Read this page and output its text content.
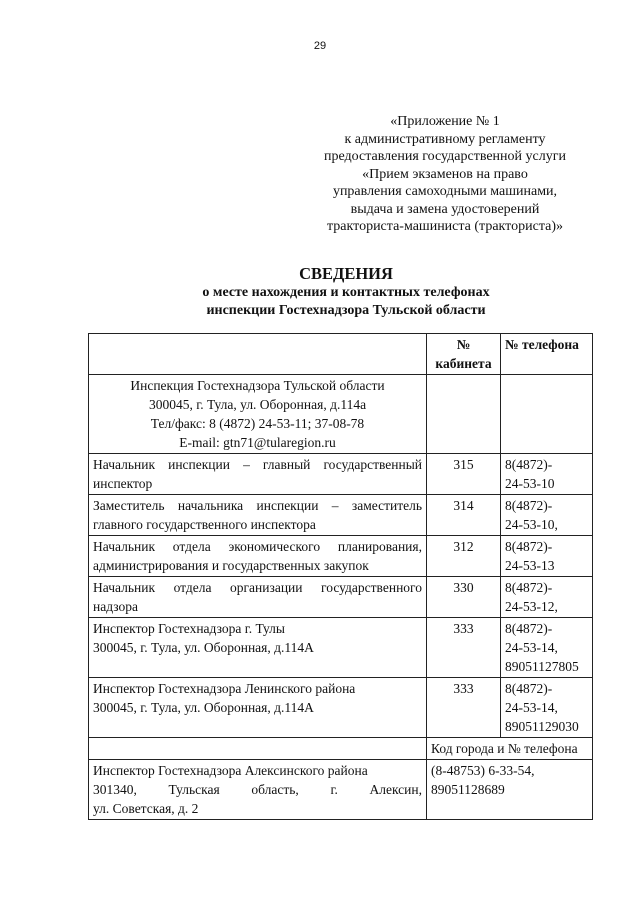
29
«Приложение № 1
к административному регламенту
предоставления государственной услуги
«Прием экзаменов на право
управления самоходными машинами,
выдача и замена удостоверений
тракториста-машиниста (тракториста)»
СВЕДЕНИЯ
о месте нахождения и контактных телефонах
инспекции Гостехнадзора Тульской области
	№ кабинета	№ телефона

Инспекция Гостехнадзора Тульской области
300045, г. Тула, ул. Оборонная, д.114а
Тел/факс: 8 (4872) 24-53-11; 37-08-78
E-mail: gtn71@tularegion.ru		

Начальник инспекции – главный государственный инспектор	315	8(4872)-
24-53-10

Заместитель начальника инспекции – заместитель главного государственного инспектора	314	8(4872)-
24-53-10,

Начальник отдела экономического планирования, администрирования и государственных закупок	312	8(4872)-
24-53-13

Начальник отдела организации государственного надзора	330	8(4872)-
24-53-12,

Инспектор Гостехнадзора г. Тулы
300045, г. Тула, ул. Оборонная, д.114А	333	8(4872)-
24-53-14,
89051127805

Инспектор Гостехнадзора Ленинского района
300045, г. Тула, ул. Оборонная, д.114А	333	8(4872)-
24-53-14,
89051129030

	Код города и № телефона	

Инспектор Гостехнадзора Алексинского района
301340, Тульская область, г. Алексин,
ул. Советская, д. 2	(8-48753) 6-33-54, 89051128689	
